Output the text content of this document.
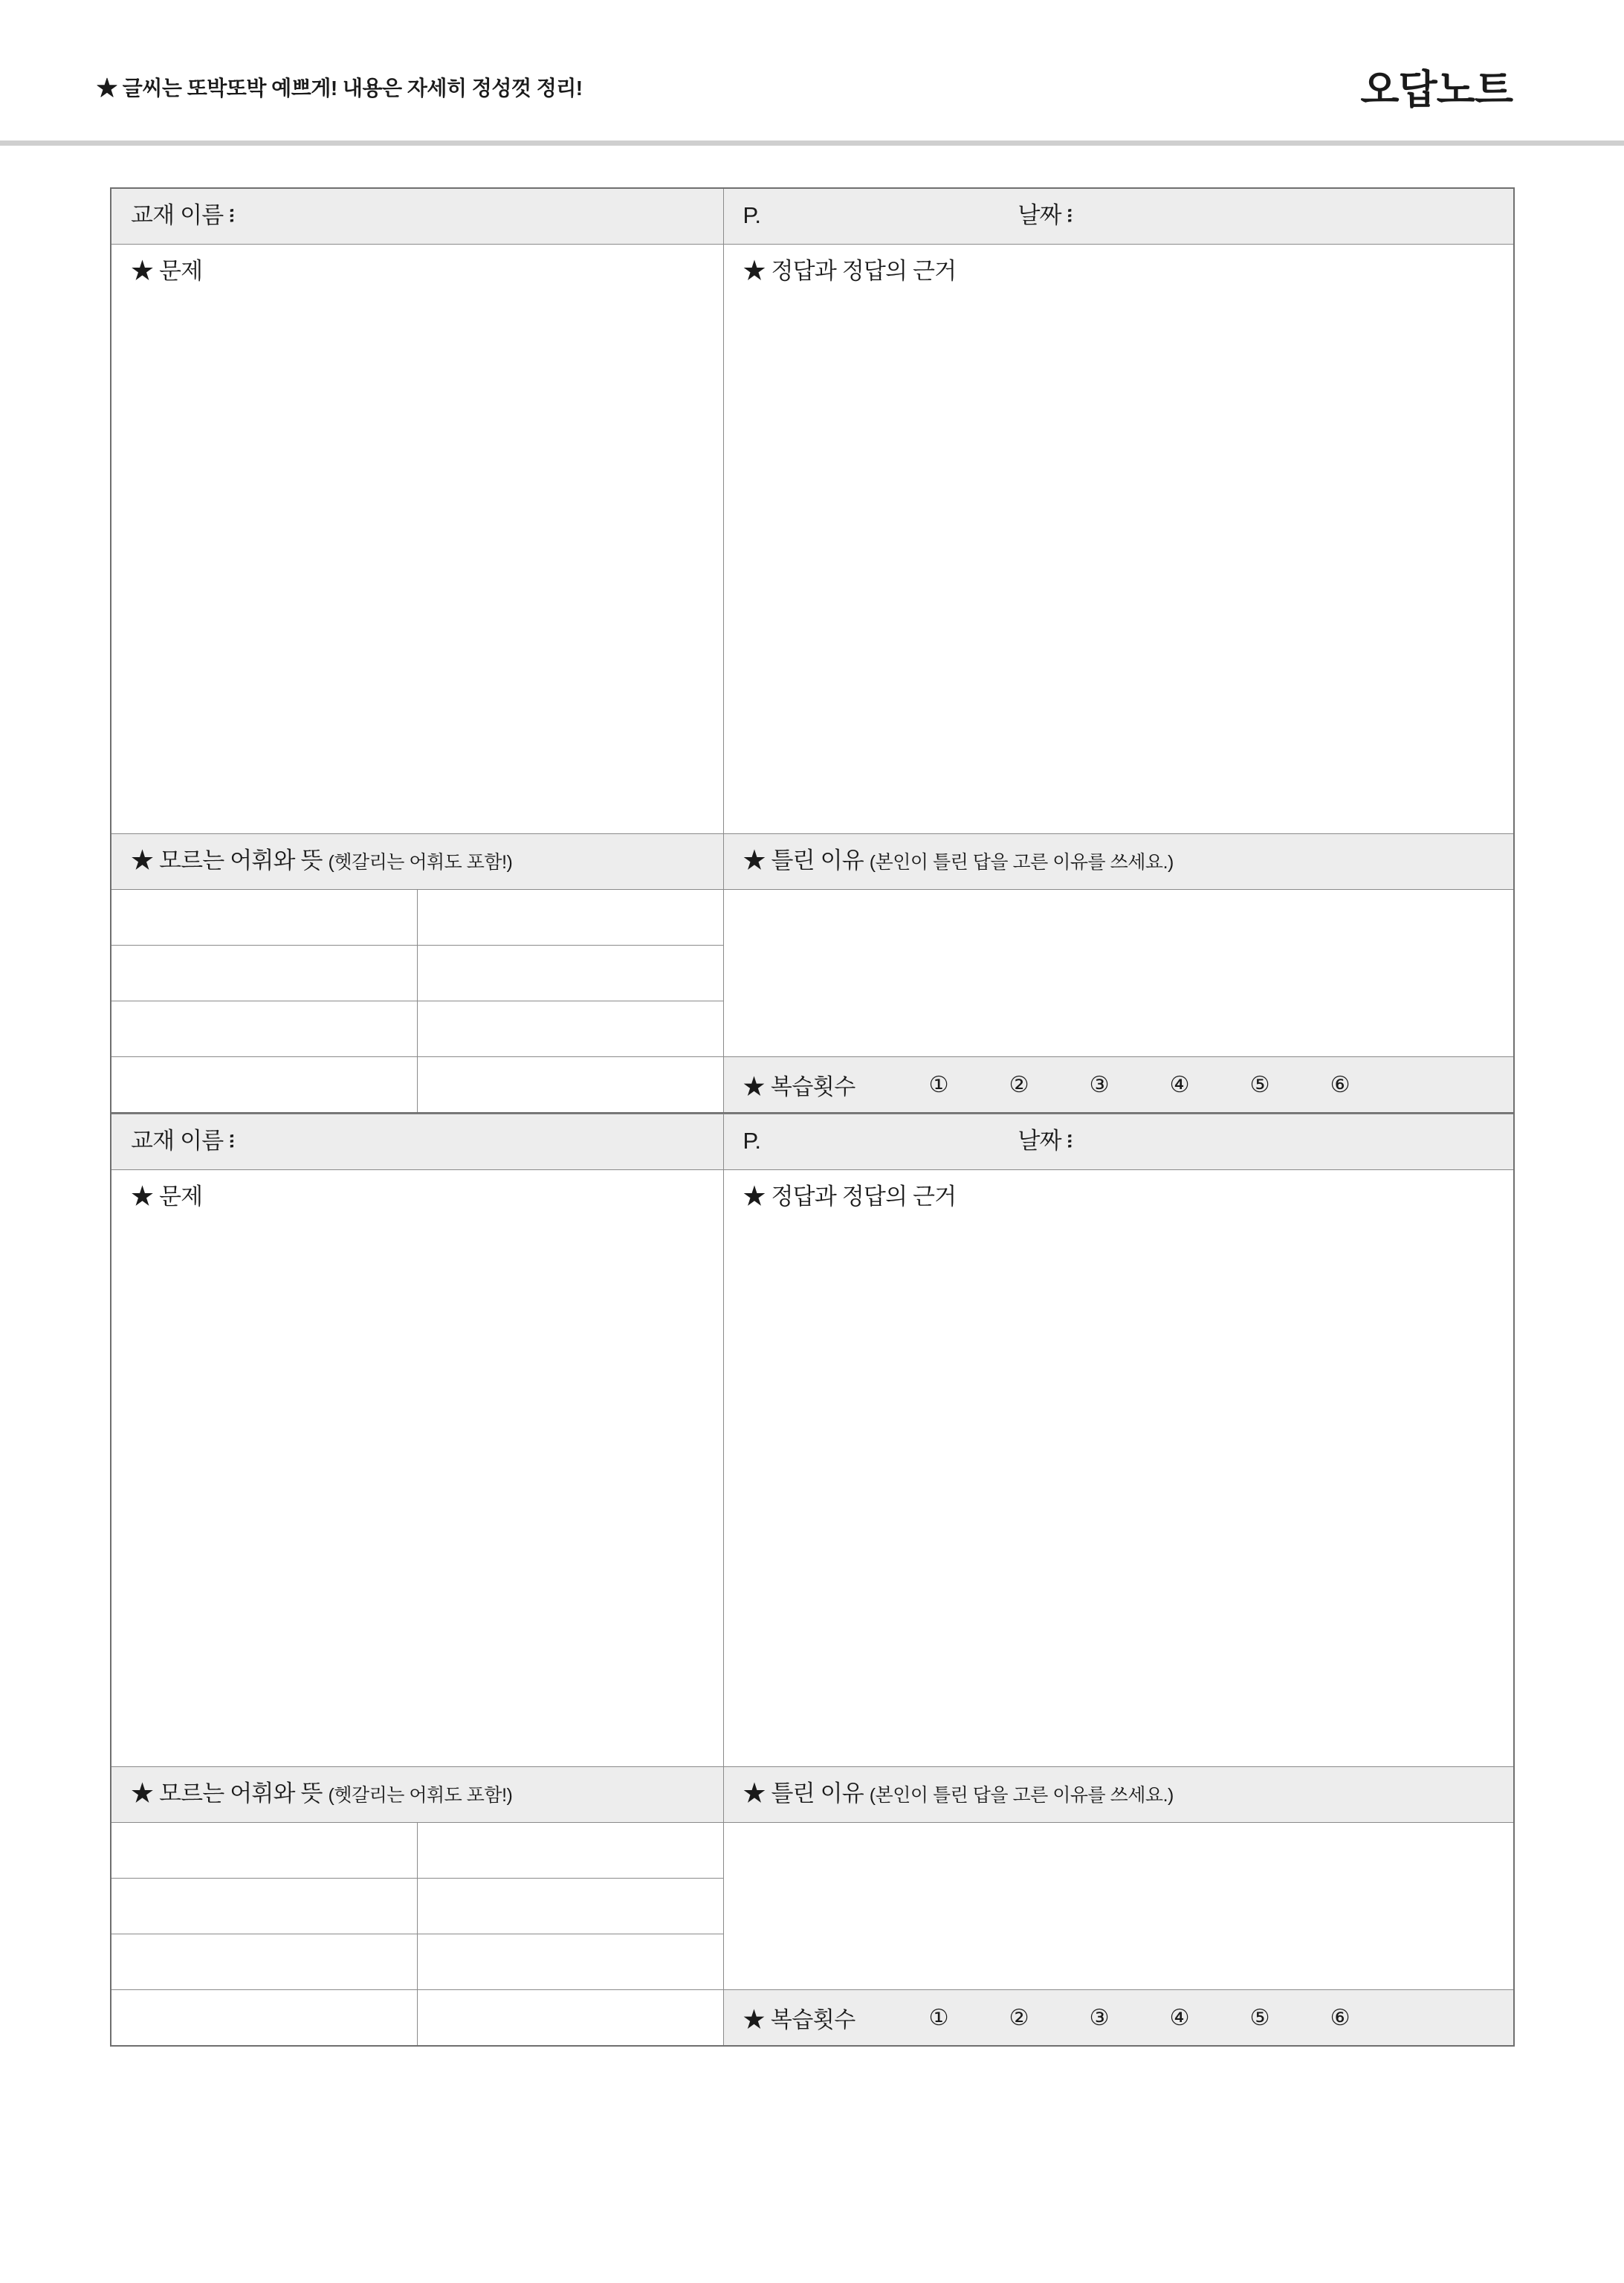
★ 글씨는 또박또박 예쁘게! 내용은 자세히 정성껏 정리!	오답노트
교재 이름 ፧		P. 날짜 ፧

★ 문제		★ 정답과 정답의 근거

★ 모르는 어휘와 뜻 (헷갈리는 어휘도 포함!)		★ 틀린 이유 (본인이 틀린 답을 고른 이유를 쓰세요.)

★ 복습횟수	①	②	③	④	⑤	⑥
교재 이름 ፧		P. 날짜 ፧

★ 문제		★ 정답과 정답의 근거

★ 모르는 어휘와 뜻 (헷갈리는 어휘도 포함!)		★ 틀린 이유 (본인이 틀린 답을 고른 이유를 쓰세요.)

★ 복습횟수	①	②	③	④	⑤	⑥
